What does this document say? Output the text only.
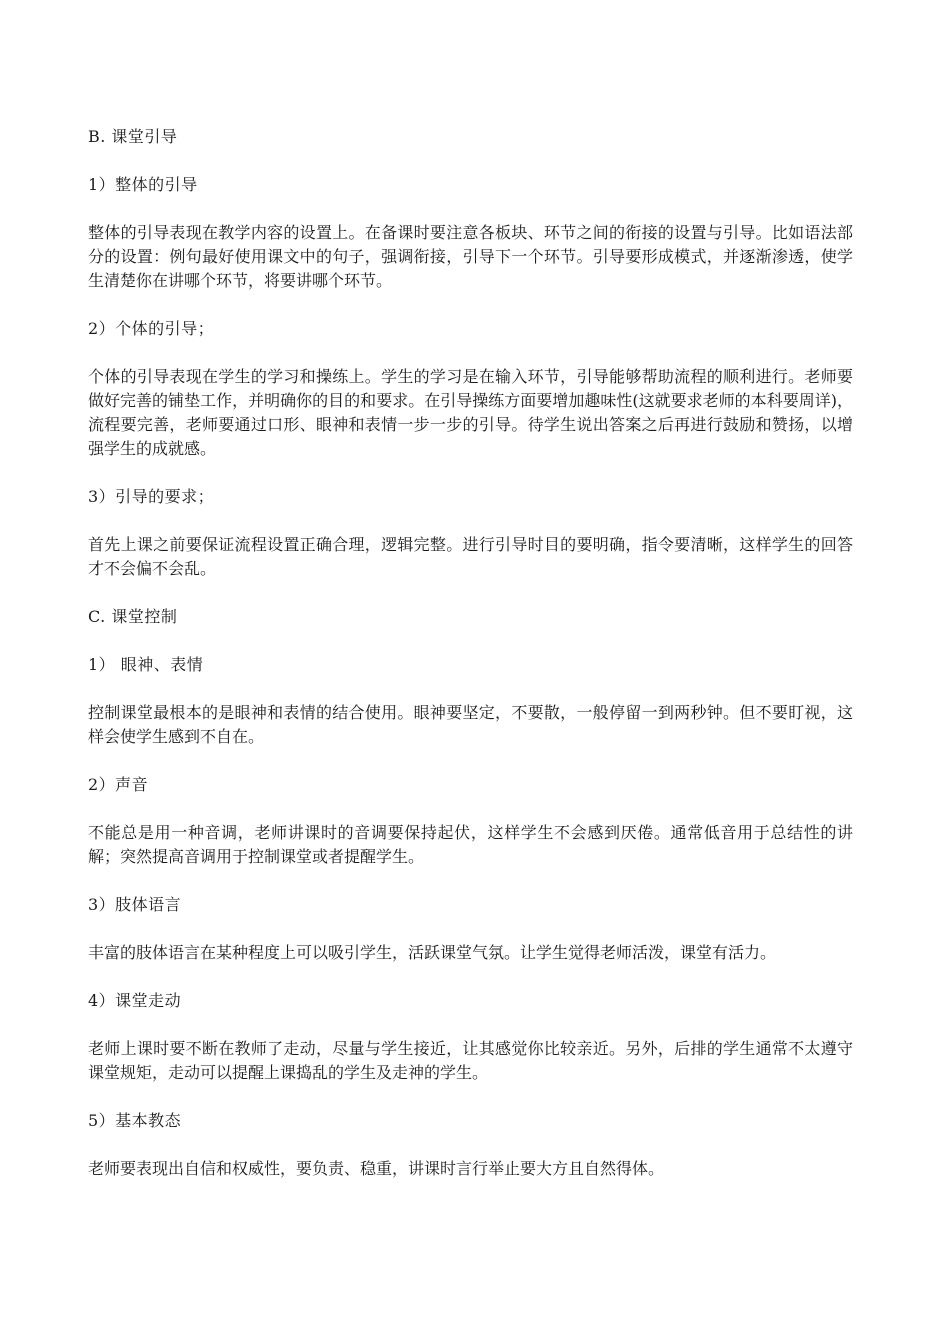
B. 课堂引导
1）整体的引导
整体的引导表现在教学内容的设置上。在备课时要注意各板块、环节之间的衔接的设置与引导。比如语法部分的设置：例句最好使用课文中的句子，强调衔接，引导下一个环节。引导要形成模式，并逐渐渗透，使学生清楚你在讲哪个环节，将要讲哪个环节。
2）个体的引导；
个体的引导表现在学生的学习和操练上。学生的学习是在输入环节，引导能够帮助流程的顺利进行。老师要做好完善的铺垫工作，并明确你的目的和要求。在引导操练方面要增加趣味性(这就要求老师的本科要周详)，流程要完善，老师要通过口形、眼神和表情一步一步的引导。待学生说出答案之后再进行鼓励和赞扬，以增强学生的成就感。
3）引导的要求；
首先上课之前要保证流程设置正确合理，逻辑完整。进行引导时目的要明确，指令要清晰，这样学生的回答才不会偏不会乱。
C. 课堂控制
1） 眼神、表情
控制课堂最根本的是眼神和表情的结合使用。眼神要坚定，不要散，一般停留一到两秒钟。但不要盯视，这样会使学生感到不自在。
2）声音
不能总是用一种音调，老师讲课时的音调要保持起伏，这样学生不会感到厌倦。通常低音用于总结性的讲解；突然提高音调用于控制课堂或者提醒学生。
3）肢体语言
丰富的肢体语言在某种程度上可以吸引学生，活跃课堂气氛。让学生觉得老师活泼，课堂有活力。
4）课堂走动
老师上课时要不断在教师了走动，尽量与学生接近，让其感觉你比较亲近。另外，后排的学生通常不太遵守课堂规矩，走动可以提醒上课捣乱的学生及走神的学生。
5）基本教态
老师要表现出自信和权威性，要负责、稳重，讲课时言行举止要大方且自然得体。
